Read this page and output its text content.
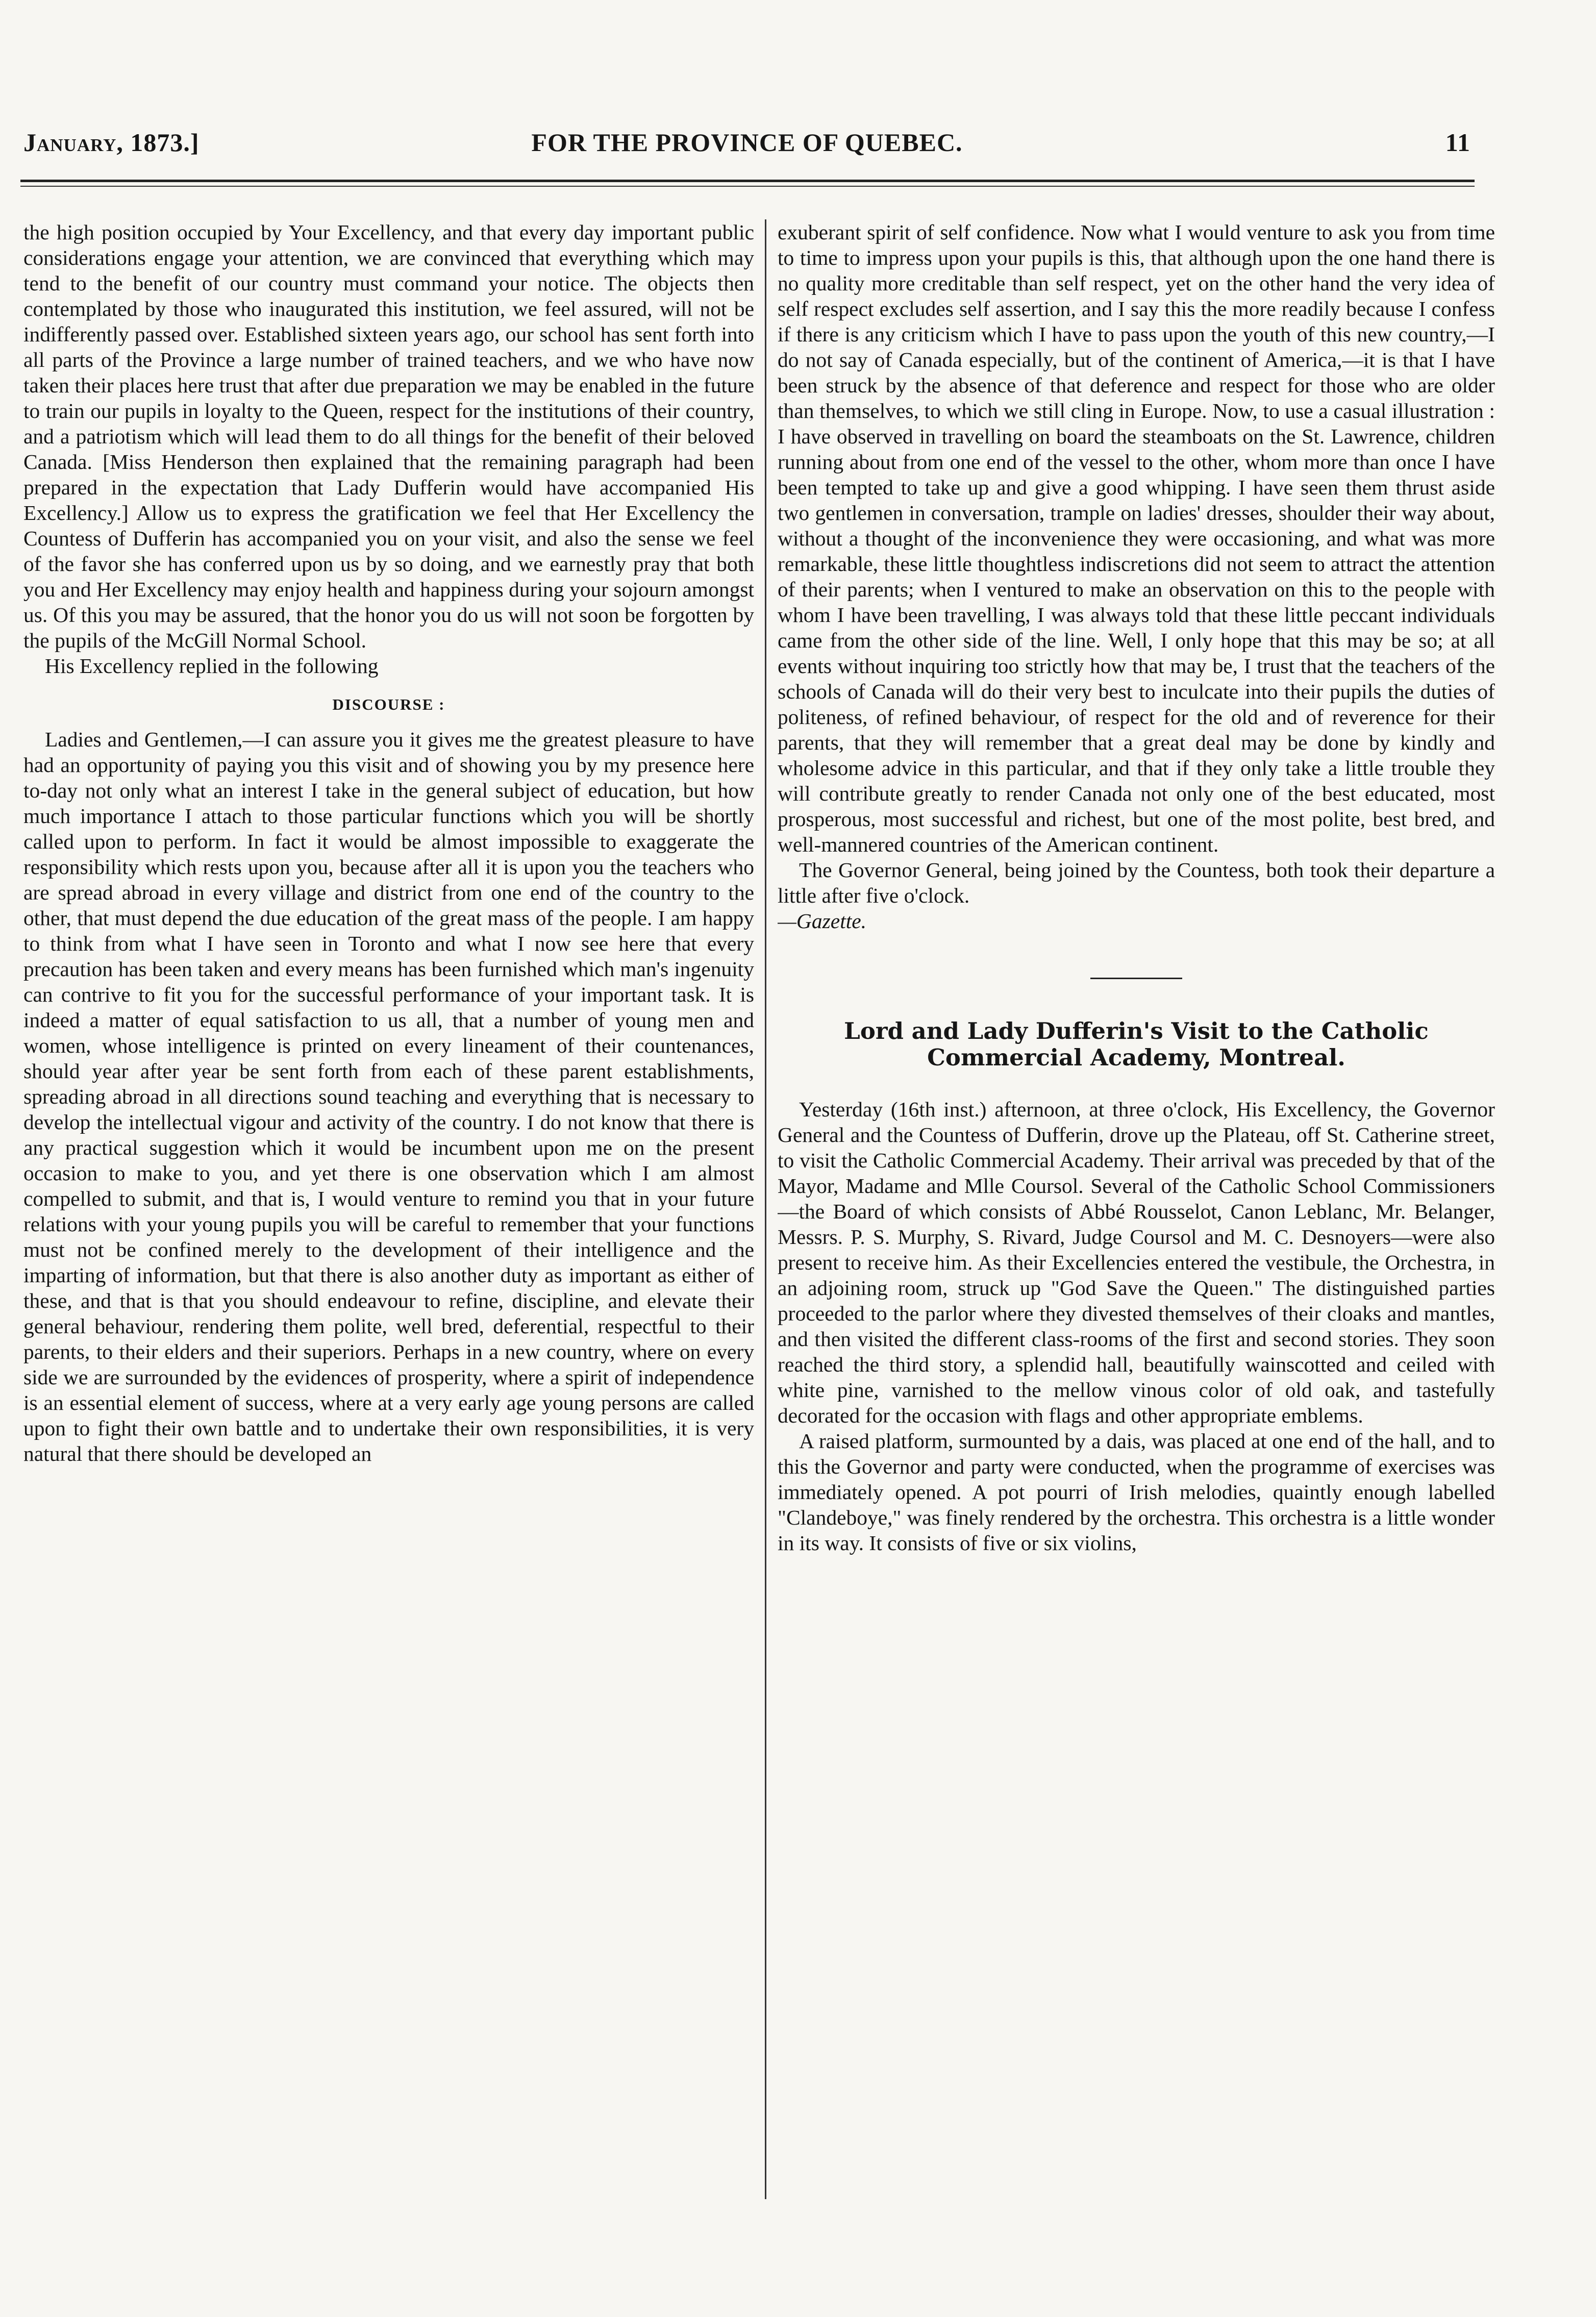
January, 1873.]	FOR THE PROVINCE OF QUEBEC.	11

the high position occupied by Your Excellency, and that every day important public considerations engage your attention, we are convinced that everything which may tend to the benefit of our country must command your notice. The objects then contemplated by those who inaugurated this institution, we feel assured, will not be indifferently passed over. Established sixteen years ago, our school has sent forth into all parts of the Province a large number of trained teachers, and we who have now taken their places here trust that after due preparation we may be enabled in the future to train our pupils in loyalty to the Queen, respect for the institutions of their country, and a patriotism which will lead them to do all things for the benefit of their beloved Canada. [Miss Henderson then explained that the remaining paragraph had been prepared in the expectation that Lady Dufferin would have accompanied His Excellency.] Allow us to express the gratification we feel that Her Excellency the Countess of Dufferin has accompanied you on your visit, and also the sense we feel of the favor she has conferred upon us by so doing, and we earnestly pray that both you and Her Excellency may enjoy health and happiness during your sojourn amongst us. Of this you may be assured, that the honor you do us will not soon be forgotten by the pupils of the McGill Normal School.

His Excellency replied in the following

DISCOURSE :

Ladies and Gentlemen,—I can assure you it gives me the greatest pleasure to have had an opportunity of paying you this visit and of showing you by my presence here to-day not only what an interest I take in the general subject of education, but how much importance I attach to those particular functions which you will be shortly called upon to perform. In fact it would be almost impossible to exaggerate the responsibility which rests upon you, because after all it is upon you the teachers who are spread abroad in every village and district from one end of the country to the other, that must depend the due education of the great mass of the people. I am happy to think from what I have seen in Toronto and what I now see here that every precaution has been taken and every means has been furnished which man's ingenuity can contrive to fit you for the successful performance of your important task. It is indeed a matter of equal satisfaction to us all, that a number of young men and women, whose intelligence is printed on every lineament of their countenances, should year after year be sent forth from each of these parent establishments, spreading abroad in all directions sound teaching and everything that is necessary to develop the intellectual vigour and activity of the country. I do not know that there is any practical suggestion which it would be incumbent upon me on the present occasion to make to you, and yet there is one observation which I am almost compelled to submit, and that is, I would venture to remind you that in your future relations with your young pupils you will be careful to remember that your functions must not be confined merely to the development of their intelligence and the imparting of information, but that there is also another duty as important as either of these, and that is that you should endeavour to refine, discipline, and elevate their general behaviour, rendering them polite, well bred, deferential, respectful to their parents, to their elders and their superiors. Perhaps in a new country, where on every side we are surrounded by the evidences of prosperity, where a spirit of independence is an essential element of success, where at a very early age young persons are called upon to fight their own battle and to undertake their own responsibilities, it is very natural that there should be developed an

exuberant spirit of self confidence. Now what I would venture to ask you from time to time to impress upon your pupils is this, that although upon the one hand there is no quality more creditable than self respect, yet on the other hand the very idea of self respect excludes self assertion, and I say this the more readily because I confess if there is any criticism which I have to pass upon the youth of this new country,—I do not say of Canada especially, but of the continent of America,—it is that I have been struck by the absence of that deference and respect for those who are older than themselves, to which we still cling in Europe. Now, to use a casual illustration : I have observed in travelling on board the steamboats on the St. Lawrence, children running about from one end of the vessel to the other, whom more than once I have been tempted to take up and give a good whipping. I have seen them thrust aside two gentlemen in conversation, trample on ladies' dresses, shoulder their way about, without a thought of the inconvenience they were occasioning, and what was more remarkable, these little thoughtless indiscretions did not seem to attract the attention of their parents; when I ventured to make an observation on this to the people with whom I have been travelling, I was always told that these little peccant individuals came from the other side of the line. Well, I only hope that this may be so; at all events without inquiring too strictly how that may be, I trust that the teachers of the schools of Canada will do their very best to inculcate into their pupils the duties of politeness, of refined behaviour, of respect for the old and of reverence for their parents, that they will remember that a great deal may be done by kindly and wholesome advice in this particular, and that if they only take a little trouble they will contribute greatly to render Canada not only one of the best educated, most prosperous, most successful and richest, but one of the most polite, best bred, and well-mannered countries of the American continent.

The Governor General, being joined by the Countess, both took their departure a little after five o'clock.

—Gazette.

Lord and Lady Dufferin's Visit to the Catholic Commercial Academy, Montreal.

Yesterday (16th inst.) afternoon, at three o'clock, His Excellency, the Governor General and the Countess of Dufferin, drove up the Plateau, off St. Catherine street, to visit the Catholic Commercial Academy. Their arrival was preceded by that of the Mayor, Madame and Mlle Coursol. Several of the Catholic School Commissioners—the Board of which consists of Abbé Rousselot, Canon Leblanc, Mr. Belanger, Messrs. P. S. Murphy, S. Rivard, Judge Coursol and M. C. Desnoyers—were also present to receive him. As their Excellencies entered the vestibule, the Orchestra, in an adjoining room, struck up "God Save the Queen." The distinguished parties proceeded to the parlor where they divested themselves of their cloaks and mantles, and then visited the different class-rooms of the first and second stories. They soon reached the third story, a splendid hall, beautifully wainscotted and ceiled with white pine, varnished to the mellow vinous color of old oak, and tastefully decorated for the occasion with flags and other appropriate emblems.

A raised platform, surmounted by a dais, was placed at one end of the hall, and to this the Governor and party were conducted, when the programme of exercises was immediately opened. A pot pourri of Irish melodies, quaintly enough labelled "Clandeboye," was finely rendered by the orchestra. This orchestra is a little wonder in its way. It consists of five or six violins,
